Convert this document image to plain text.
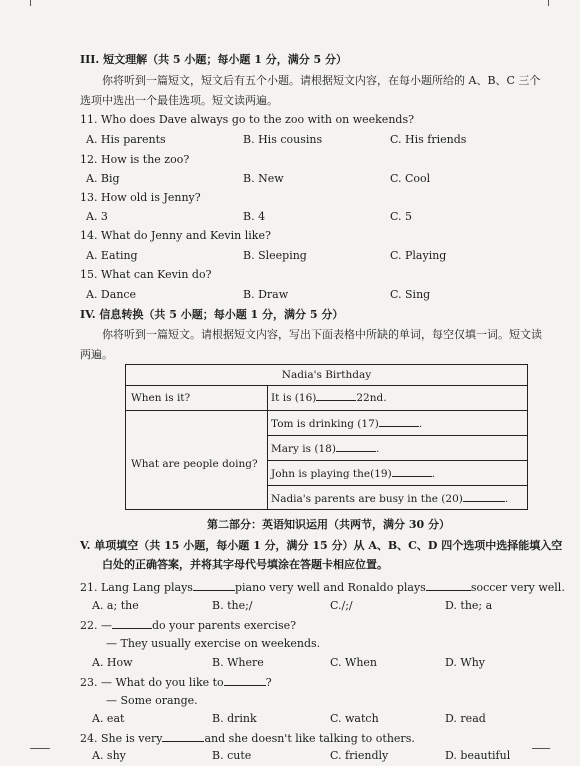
III. 短文理解（共 5 小题；每小题 1 分，满分 5 分）
你将听到一篇短文，短文后有五个小题。请根据短文内容，在每小题所给的 A、B、C 三个
选项中选出一个最佳选项。短文读两遍。
11. Who does Dave always go to the zoo with on weekends?
A. His parents	B. His cousins	C. His friends
12. How is the zoo?
A. Big	B. New	C. Cool
13. How old is Jenny?
A. 3	B. 4	C. 5
14. What do Jenny and Kevin like?
A. Eating	B. Sleeping	C. Playing
15. What can Kevin do?
A. Dance	B. Draw	C. Sing
IV. 信息转换（共 5 小题；每小题 1 分，满分 5 分）
你将听到一篇短文。请根据短文内容，写出下面表格中所缺的单词，每空仅填一词。短文读
两遍。
Nadia's Birthday
When is it?	It is (16)	22nd.
What are people doing?
Tom is drinking (17)	.
Mary is (18)	.
John is playing the(19)	.
Nadia's parents are busy in the (20)	.
第二部分：英语知识运用（共两节，满分 30 分）
V. 单项填空（共 15 小题，每小题 1 分，满分 15 分）从 A、B、C、D 四个选项中选择能填入空
白处的正确答案，并将其字母代号填涂在答题卡相应位置。
21. Lang Lang plays	piano very well and Ronaldo plays	soccer very well.
A. a; the	B. the;/	C./;/	D. the; a
22. —	do your parents exercise?
— They usually exercise on weekends.
A. How	B. Where	C. When	D. Why
23. — What do you like to	?
— Some orange.
A. eat	B. drink	C. watch	D. read
24. She is very	and she doesn't like talking to others.
A. shy	B. cute	C. friendly	D. beautiful
